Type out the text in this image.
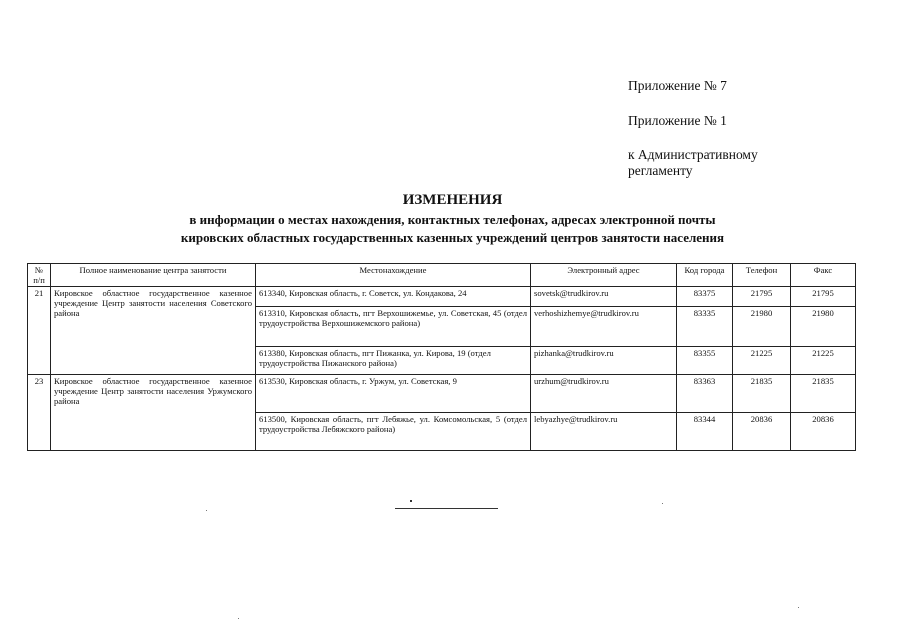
Приложение № 7
Приложение № 1
к Административному регламенту
ИЗМЕНЕНИЯ
в информации о местах нахождения, контактных телефонах, адресах электронной почты
кировских областных государственных казенных учреждений центров занятости населения
№ п/п	Полное наименование центра занятости	Местонахождение	Электронный адрес	Код города	Телефон	Факс
21	Кировское областное государственное казенное учреждение Центр занятости населения Советского района	613340, Кировская область, г. Советск, ул. Кондакова, 24	sovetsk@trudkirov.ru	83375	21795	21795
		613310, Кировская область, пгт Верхошижемье, ул. Советская, 45 (отдел трудоустройства Верхошижемского района)	verhoshizhemye@trudkirov.ru	83335	21980	21980
		613380, Кировская область, пгт Пижанка, ул. Кирова, 19 (отдел трудоустройства Пижанского района)	pizhanka@trudkirov.ru	83355	21225	21225
23	Кировское областное государственное казенное учреждение Центр занятости населения Уржумского района	613530, Кировская область, г. Уржум, ул. Советская, 9	urzhum@trudkirov.ru	83363	21835	21835
		613500, Кировская область, пгт Лебяжье, ул. Комсомольская, 5 (отдел трудоустройства Лебяжского района)	lebyazhye@trudkirov.ru	83344	20836	20836
